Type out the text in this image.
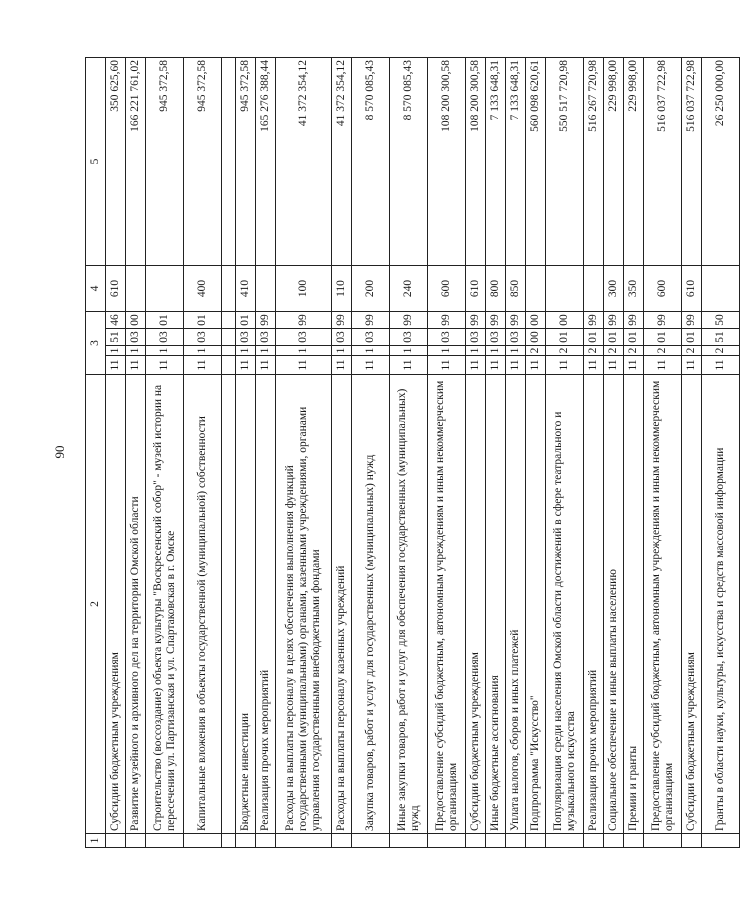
90
1	2	3				4	5
	Субсидии бюджетным учреждениям	11	1	51	46	610	350 625,60
	Развитие музейного и архивного дел на территории Омской области	11	1	03	00		166 221 761,02
	Строительство (воссоздание) объекта культуры "Воскресенский собор" - музей истории на пересечении ул. Партизанская и ул. Спартаковская в г. Омске	11	1	03	01		945 372,58
	Капитальные вложения в объекты государственной (муниципальной) собственности	11	1	03	01	400	945 372,58

	Бюджетные инвестиции	11	1	03	01	410	945 372,58
	Реализация прочих мероприятий	11	1	03	99		165 276 388,44
	Расходы на выплаты персоналу в целях обеспечения выполнения функций государственными (муниципальными) органами, казенными учреждениями, органами управления государственными внебюджетными фондами	11	1	03	99	100	41 372 354,12
	Расходы на выплаты персоналу казенных учреждений	11	1	03	99	110	41 372 354,12
	Закупка товаров, работ и услуг для государственных (муниципальных) нужд	11	1	03	99	200	8 570 085,43
	Иные закупки товаров, работ и услуг для обеспечения государственных (муниципальных) нужд	11	1	03	99	240	8 570 085,43
	Предоставление субсидий бюджетным, автономным учреждениям и иным некоммерческим организациям	11	1	03	99	600	108 200 300,58
	Субсидии бюджетным учреждениям	11	1	03	99	610	108 200 300,58
	Иные бюджетные ассигнования	11	1	03	99	800	7 133 648,31
	Уплата налогов, сборов и иных платежей	11	1	03	99	850	7 133 648,31
	Подпрограмма "Искусство"	11	2	00	00		560 098 620,61
	Популяризация среди населения Омской области достижений в сфере театрального и музыкального искусства	11	2	01	00		550 517 720,98
	Реализация прочих мероприятий	11	2	01	99		516 267 720,98
	Социальное обеспечение и иные выплаты населению	11	2	01	99	300	229 998,00
	Премии и гранты	11	2	01	99	350	229 998,00
	Предоставление субсидий бюджетным, автономным учреждениям и иным некоммерческим организациям	11	2	01	99	600	516 037 722,98
	Субсидии бюджетным учреждениям	11	2	01	99	610	516 037 722,98
	Гранты в области науки, культуры, искусства и средств массовой информации	11	2	51	50		26 250 000,00
